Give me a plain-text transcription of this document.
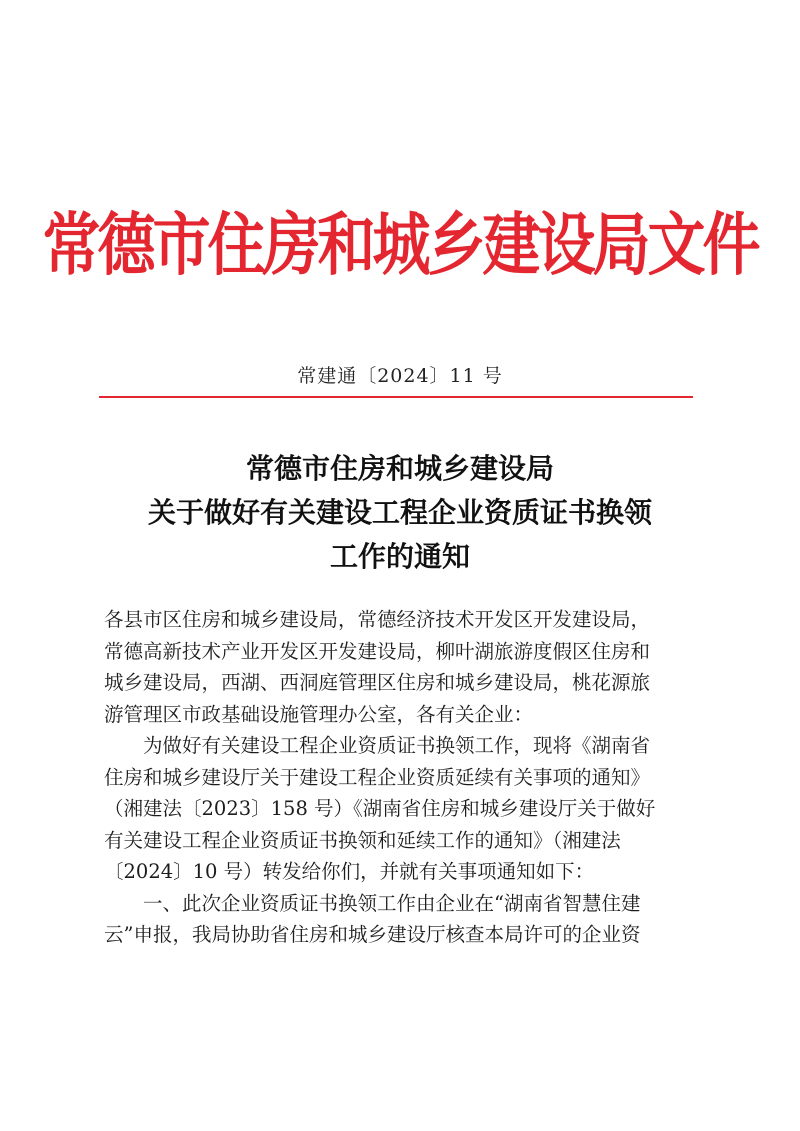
常德市住房和城乡建设局文件
常建通〔2024〕11 号
常德市住房和城乡建设局
关于做好有关建设工程企业资质证书换领
工作的通知

各县市区住房和城乡建设局，常德经济技术开发区开发建设局，
常德高新技术产业开发区开发建设局，柳叶湖旅游度假区住房和
城乡建设局，西湖、西洞庭管理区住房和城乡建设局，桃花源旅
游管理区市政基础设施管理办公室，各有关企业：

为做好有关建设工程企业资质证书换领工作，现将《湖南省
住房和城乡建设厅关于建设工程企业资质延续有关事项的通知》
（湘建法〔2023〕158 号）《湖南省住房和城乡建设厅关于做好
有关建设工程企业资质证书换领和延续工作的通知》（湘建法
〔2024〕10 号）转发给你们，并就有关事项通知如下：

一、此次企业资质证书换领工作由企业在“湖南省智慧住建
云”申报，我局协助省住房和城乡建设厅核查本局许可的企业资
